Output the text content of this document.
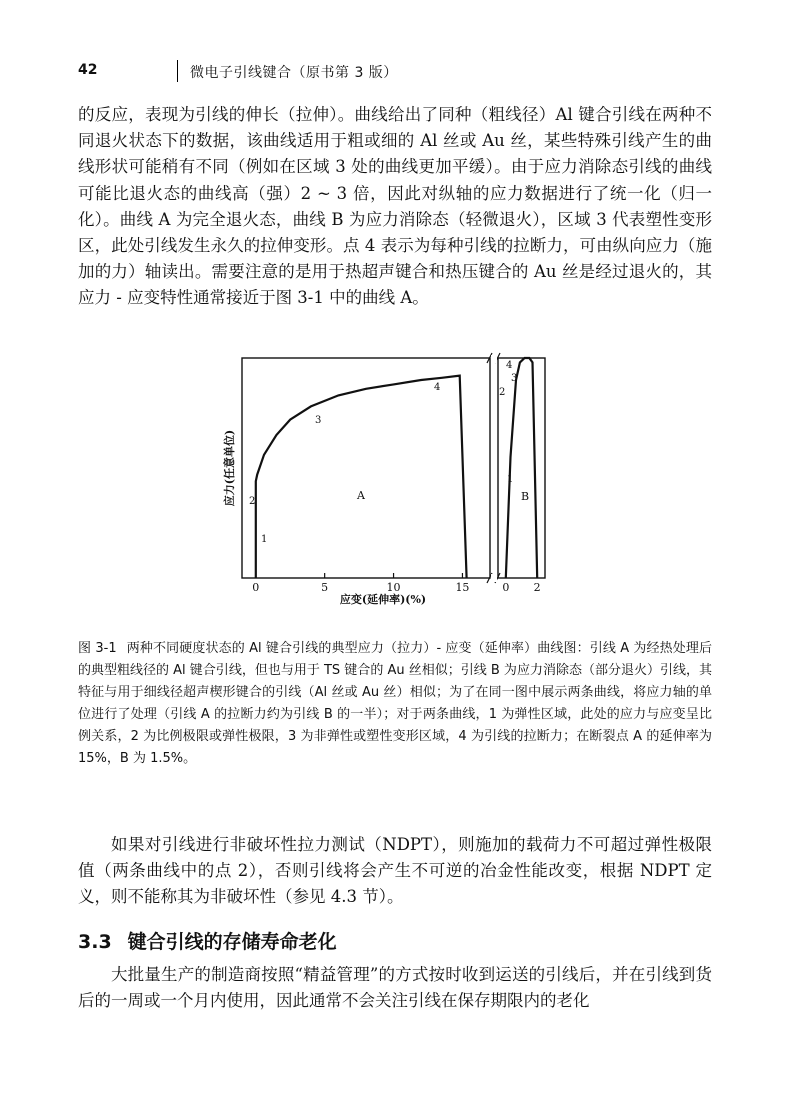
42	微电子引线键合（原书第 3 版）

的反应，表现为引线的伸长（拉伸）。曲线给出了同种（粗线径）Al 键合引线在两种不同退火状态下的数据，该曲线适用于粗或细的 Al 丝或 Au 丝，某些特殊引线产生的曲线形状可能稍有不同（例如在区域 3 处的曲线更加平缓）。由于应力消除态引线的曲线可能比退火态的曲线高（强）2 ~ 3 倍，因此对纵轴的应力数据进行了统一化（归一化）。曲线 A 为完全退火态，曲线 B 为应力消除态（轻微退火），区域 3 代表塑性变形区，此处引线发生永久的拉伸变形。点 4 表示为每种引线的拉断力，可由纵向应力（施加的力）轴读出。需要注意的是用于热超声键合和热压键合的 Au 丝是经过退火的，其应力 - 应变特性通常接近于图 3-1 中的曲线 A。

0	5	10	15	0 2
A	B
1
2
3
4
1
2
3
4
应力(任意单位)
应变(延伸率)(%)

图 3-1 两种不同硬度状态的 Al 键合引线的典型应力（拉力）- 应变（延伸率）曲线图：引线 A 为经热处理后的典型粗线径的 Al 键合引线，但也与用于 TS 键合的 Au 丝相似；引线 B 为应力消除态（部分退火）引线，其特征与用于细线径超声楔形键合的引线（Al 丝或 Au 丝）相似；为了在同一图中展示两条曲线，将应力轴的单位进行了处理（引线 A 的拉断力约为引线 B 的一半）；对于两条曲线，1 为弹性区域，此处的应力与应变呈比例关系，2 为比例极限或弹性极限，3 为非弹性或塑性变形区域，4 为引线的拉断力；在断裂点 A 的延伸率为 15%，B 为 1.5%。

如果对引线进行非破坏性拉力测试（NDPT），则施加的载荷力不可超过弹性极限值（两条曲线中的点 2），否则引线将会产生不可逆的冶金性能改变，根据 NDPT 定义，则不能称其为非破坏性（参见 4.3 节）。

3.3 键合引线的存储寿命老化

大批量生产的制造商按照“精益管理”的方式按时收到运送的引线后，并在引线到货后的一周或一个月内使用，因此通常不会关注引线在保存期限内的老化
